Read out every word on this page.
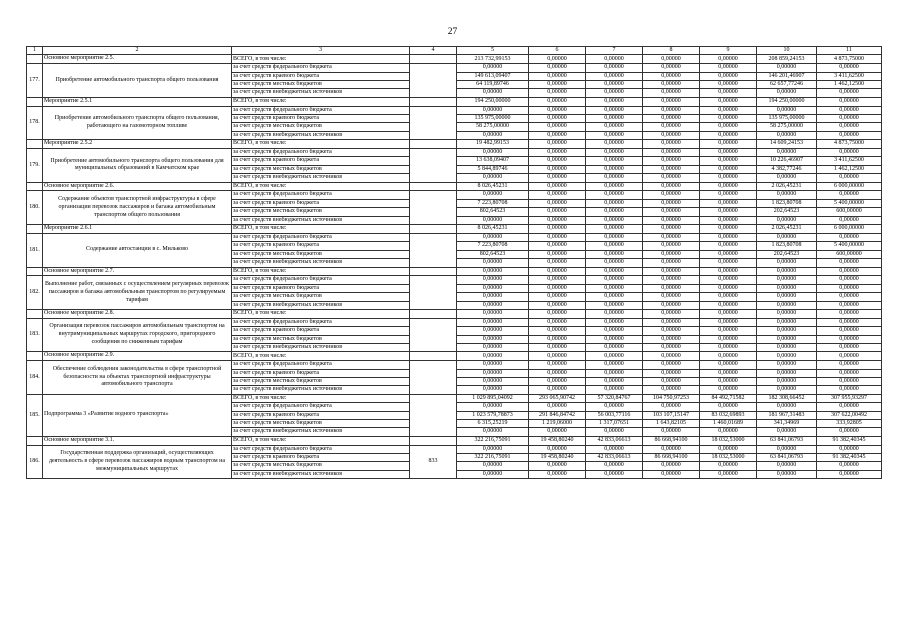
27
1	2	3	4	5	6	7	8	9	10	11
	Основное мероприятие 2.5.	ВСЕГО, в том числе:		213 732,99153	0,00000	0,00000	0,00000	0,00000	208 859,24153	4 873,75000
177.	Приобретение автомобильного транспорта общего пользования	за счет средств федерального бюджета		0,00000	0,00000	0,00000	0,00000	0,00000	0,00000	0,00000
		за счет средств краевого бюджета		149 613,09407	0,00000	0,00000	0,00000	0,00000	146 201,46907	3 411,62500
		за счет средств местных бюджетов		64 119,89746	0,00000	0,00000	0,00000	0,00000	62 657,77246	1 462,12500
		за счет средств внебюджетных источников		0,00000	0,00000	0,00000	0,00000	0,00000	0,00000	0,00000
	Мероприятие 2.5.1	ВСЕГО, в том числе:		194 250,00000	0,00000	0,00000	0,00000	0,00000	194 250,00000	0,00000
178.	Приобретение автомобильного транспорта общего пользования, работающего на газомоторном топливе	за счет средств федерального бюджета		0,00000	0,00000	0,00000	0,00000	0,00000	0,00000	0,00000
		за счет средств краевого бюджета		135 975,00000	0,00000	0,00000	0,00000	0,00000	135 975,00000	0,00000
		за счет средств местных бюджетов		58 275,00000	0,00000	0,00000	0,00000	0,00000	58 275,00000	0,00000
		за счет средств внебюджетных источников		0,00000	0,00000	0,00000	0,00000	0,00000	0,00000	0,00000
	Мероприятие 2.5.2	ВСЕГО, в том числе:		19 482,99153	0,00000	0,00000	0,00000	0,00000	14 609,24153	4 873,75000
179.	Приобретение автомобильного транспорта общего пользования для муниципальных образований в Камчатском крае	за счет средств федерального бюджета		0,00000	0,00000	0,00000	0,00000	0,00000	0,00000	0,00000
		за счет средств краевого бюджета		13 638,09407	0,00000	0,00000	0,00000	0,00000	10 226,46907	3 411,62500
		за счет средств местных бюджетов		5 844,89746	0,00000	0,00000	0,00000	0,00000	4 382,77246	1 462,12500
		за счет средств внебюджетных источников		0,00000	0,00000	0,00000	0,00000	0,00000	0,00000	0,00000
	Основное мероприятие 2.6.	ВСЕГО, в том числе:		8 026,45231	0,00000	0,00000	0,00000	0,00000	2 026,45231	6 000,00000
180.	Содержание объектов транспортной инфраструктуры в сфере организации перевозок пассажиров и багажа автомобильным транспортом общего пользования	за счет средств федерального бюджета		0,00000	0,00000	0,00000	0,00000	0,00000	0,00000	0,00000
		за счет средств краевого бюджета		7 223,80708	0,00000	0,00000	0,00000	0,00000	1 823,80708	5 400,00000
		за счет средств местных бюджетов		802,64523	0,00000	0,00000	0,00000	0,00000	202,64523	600,00000
		за счет средств внебюджетных источников		0,00000	0,00000	0,00000	0,00000	0,00000	0,00000	0,00000
	Мероприятие 2.6.1	ВСЕГО, в том числе:		8 026,45231	0,00000	0,00000	0,00000	0,00000	2 026,45231	6 000,00000
181.	Содержание автостанции в с. Мильково	за счет средств федерального бюджета		0,00000	0,00000	0,00000	0,00000	0,00000	0,00000	0,00000
		за счет средств краевого бюджета		7 223,80708	0,00000	0,00000	0,00000	0,00000	1 823,80708	5 400,00000
		за счет средств местных бюджетов		802,64523	0,00000	0,00000	0,00000	0,00000	202,64523	600,00000
		за счет средств внебюджетных источников		0,00000	0,00000	0,00000	0,00000	0,00000	0,00000	0,00000
	Основное мероприятие 2.7.	ВСЕГО, в том числе:		0,00000	0,00000	0,00000	0,00000	0,00000	0,00000	0,00000
182.	Выполнение работ, связанных с осуществлением регулярных перевозок пассажиров и багажа автомобильным транспортом по регулируемым тарифам	за счет средств федерального бюджета		0,00000	0,00000	0,00000	0,00000	0,00000	0,00000	0,00000
		за счет средств краевого бюджета		0,00000	0,00000	0,00000	0,00000	0,00000	0,00000	0,00000
		за счет средств местных бюджетов		0,00000	0,00000	0,00000	0,00000	0,00000	0,00000	0,00000
		за счет средств внебюджетных источников		0,00000	0,00000	0,00000	0,00000	0,00000	0,00000	0,00000
	Основное мероприятие 2.8.	ВСЕГО, в том числе:		0,00000	0,00000	0,00000	0,00000	0,00000	0,00000	0,00000
183.	Организация перевозок пассажиров автомобильным транспортом на внутримуниципальных маршрутах городского, пригородного сообщения по сниженным тарифам	за счет средств федерального бюджета		0,00000	0,00000	0,00000	0,00000	0,00000	0,00000	0,00000
		за счет средств краевого бюджета		0,00000	0,00000	0,00000	0,00000	0,00000	0,00000	0,00000
		за счет средств местных бюджетов		0,00000	0,00000	0,00000	0,00000	0,00000	0,00000	0,00000
		за счет средств внебюджетных источников		0,00000	0,00000	0,00000	0,00000	0,00000	0,00000	0,00000
	Основное мероприятие 2.9.	ВСЕГО, в том числе:		0,00000	0,00000	0,00000	0,00000	0,00000	0,00000	0,00000
184.	Обеспечение соблюдения законодательства в сфере транспортной безопасности на объектах транспортной инфраструктуры автомобильного транспорта	за счет средств федерального бюджета		0,00000	0,00000	0,00000	0,00000	0,00000	0,00000	0,00000
		за счет средств краевого бюджета		0,00000	0,00000	0,00000	0,00000	0,00000	0,00000	0,00000
		за счет средств местных бюджетов		0,00000	0,00000	0,00000	0,00000	0,00000	0,00000	0,00000
		за счет средств внебюджетных источников		0,00000	0,00000	0,00000	0,00000	0,00000	0,00000	0,00000
185.	Подпрограмма 3 «Развитие водного транспорта»	ВСЕГО, в том числе:		1 029 895,04092	293 065,90742	57 320,84767	104 750,97253	84 492,71582	182 308,66452	307 955,93297
		за счет средств федерального бюджета		0,00000	0,00000	0,00000	0,00000	0,00000	0,00000	0,00000
		за счет средств краевого бюджета		1 023 579,78873	291 846,84742	56 003,77116	103 107,15147	83 032,69893	181 967,31483	307 622,00492
		за счет средств местных бюджетов		6 315,25219	1 219,06000	1 317,07651	1 643,82105	1 460,01689	341,34969	333,92805
		за счет средств внебюджетных источников		0,00000	0,00000	0,00000	0,00000	0,00000	0,00000	0,00000
	Основное мероприятие 3.1.	ВСЕГО, в том числе:		322 216,75091	19 458,80240	42 833,06613	86 668,94100	18 032,53000	63 841,06793	91 382,40345
186.	Государственная поддержка организаций, осуществляющих деятельность в сфере перевозок пассажиров водным транспортом на межмуниципальных маршрутах	за счет средств федерального бюджета	833	0,00000	0,00000	0,00000	0,00000	0,00000	0,00000	0,00000
		за счет средств краевого бюджета		322 216,75091	19 458,80240	42 833,06613	86 668,94100	18 032,53000	63 841,06793	91 382,40345
		за счет средств местных бюджетов		0,00000	0,00000	0,00000	0,00000	0,00000	0,00000	0,00000
		за счет средств внебюджетных источников		0,00000	0,00000	0,00000	0,00000	0,00000	0,00000	0,00000
